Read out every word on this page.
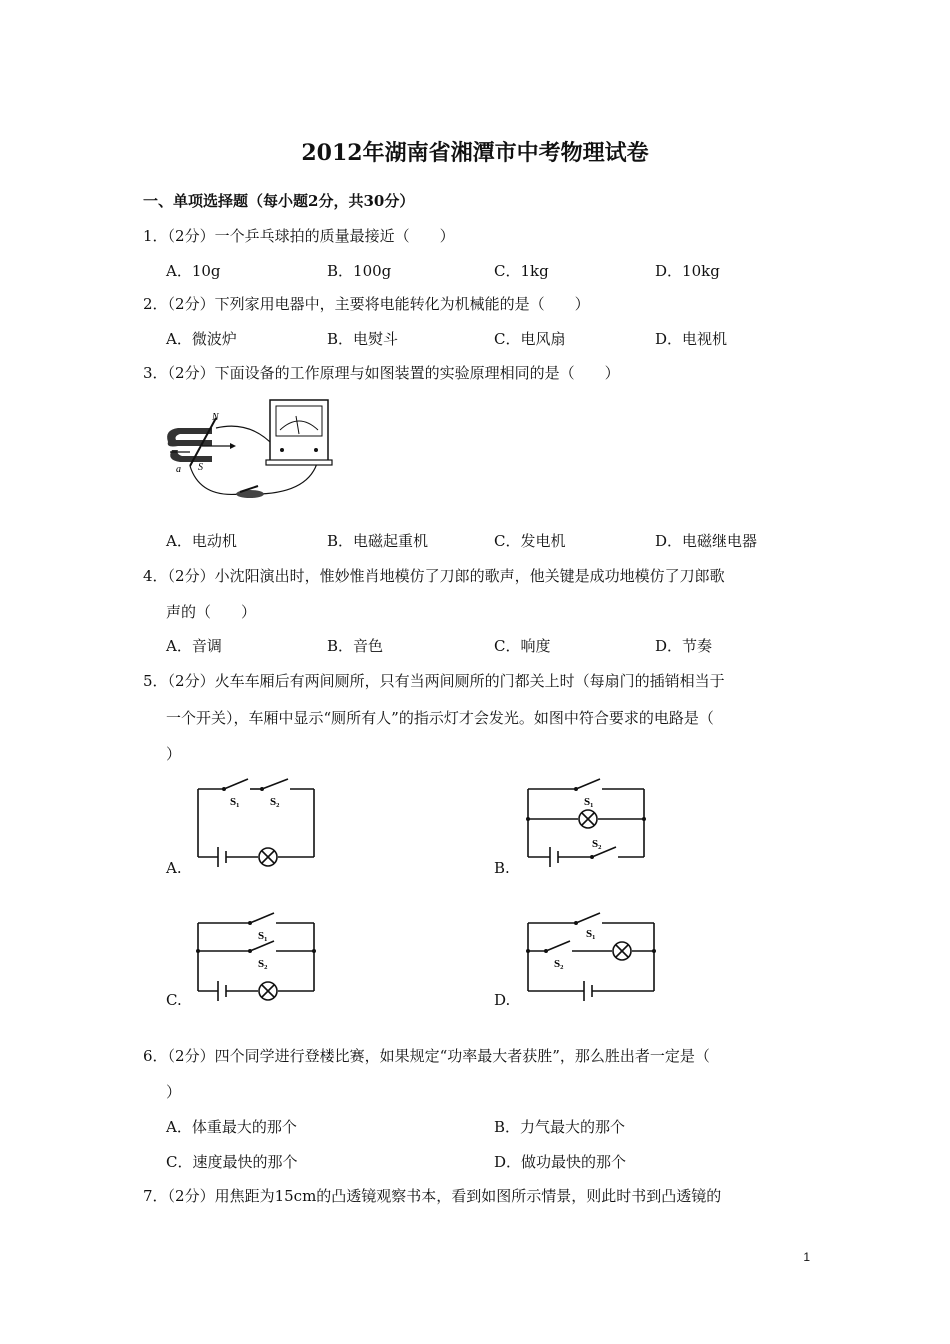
2012年湖南省湘潭市中考物理试卷
一、单项选择题（每小题2分，共30分）
1．（2分）一个乒乓球拍的质量最接近（　　）
A．10g	B．100g	C．1kg	D．10kg
2．（2分）下列家用电器中，主要将电能转化为机械能的是（　　）
A．微波炉	B．电熨斗	C．电风扇	D．电视机
3．（2分）下面设备的工作原理与如图装置的实验原理相同的是（　　）
N
S
a
A．电动机	B．电磁起重机	C．发电机	D．电磁继电器
4．（2分）小沈阳演出时，惟妙惟肖地模仿了刀郎的歌声，他关键是成功地模仿了刀郎歌
声的（　　）
A．音调	B．音色	C．响度	D．节奏
5．（2分）火车车厢后有两间厕所，只有当两间厕所的门都关上时（每扇门的插销相当于
一个开关），车厢中显示“厕所有人”的指示灯才会发光。如图中符合要求的电路是（
）
A.
S₁	S₂
B.
S₁
S₂
C.
S₁
S₂
D.
S₁
S₂
6．（2分）四个同学进行登楼比赛，如果规定“功率最大者获胜”，那么胜出者一定是（
）
A．体重最大的那个	B．力气最大的那个
C．速度最快的那个	D．做功最快的那个
7．（2分）用焦距为15cm的凸透镜观察书本，看到如图所示情景，则此时书到凸透镜的
1
